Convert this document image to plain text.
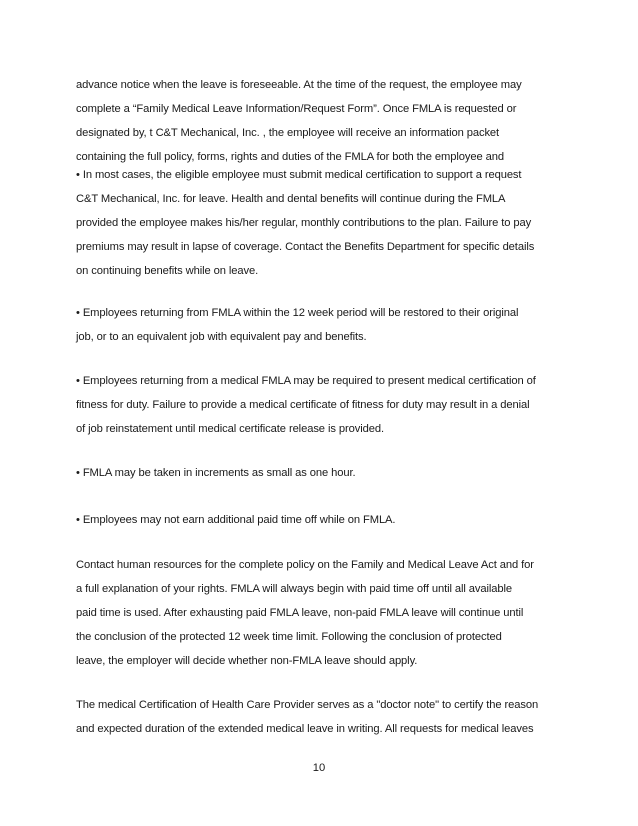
advance notice when the leave is foreseeable. At the time of the request, the employee may
complete a “Family Medical Leave Information/Request Form”. Once FMLA is requested or
designated by, t C&T Mechanical, Inc. , the employee will receive an information packet
containing the full policy, forms, rights and duties of the FMLA for both the employee and
• In most cases, the eligible employee must submit medical certification to support a request
C&T Mechanical, Inc. for leave. Health and dental benefits will continue during the FMLA
provided the employee makes his/her regular, monthly contributions to the plan. Failure to pay
premiums may result in lapse of coverage. Contact the Benefits Department for specific details
on continuing benefits while on leave.
• Employees returning from FMLA within the 12 week period will be restored to their original
job, or to an equivalent job with equivalent pay and benefits.
• Employees returning from a medical FMLA may be required to present medical certification of
fitness for duty. Failure to provide a medical certificate of fitness for duty may result in a denial
of job reinstatement until medical certificate release is provided.
• FMLA may be taken in increments as small as one hour.
• Employees may not earn additional paid time off while on FMLA.
Contact human resources for the complete policy on the Family and Medical Leave Act and for
a full explanation of your rights. FMLA will always begin with paid time off until all available
paid time is used. After exhausting paid FMLA leave, non-paid FMLA leave will continue until
the conclusion of the protected 12 week time limit. Following the conclusion of protected
leave, the employer will decide whether non-FMLA leave should apply.
The medical Certification of Health Care Provider serves as a "doctor note" to certify the reason
and expected duration of the extended medical leave in writing. All requests for medical leaves
10
